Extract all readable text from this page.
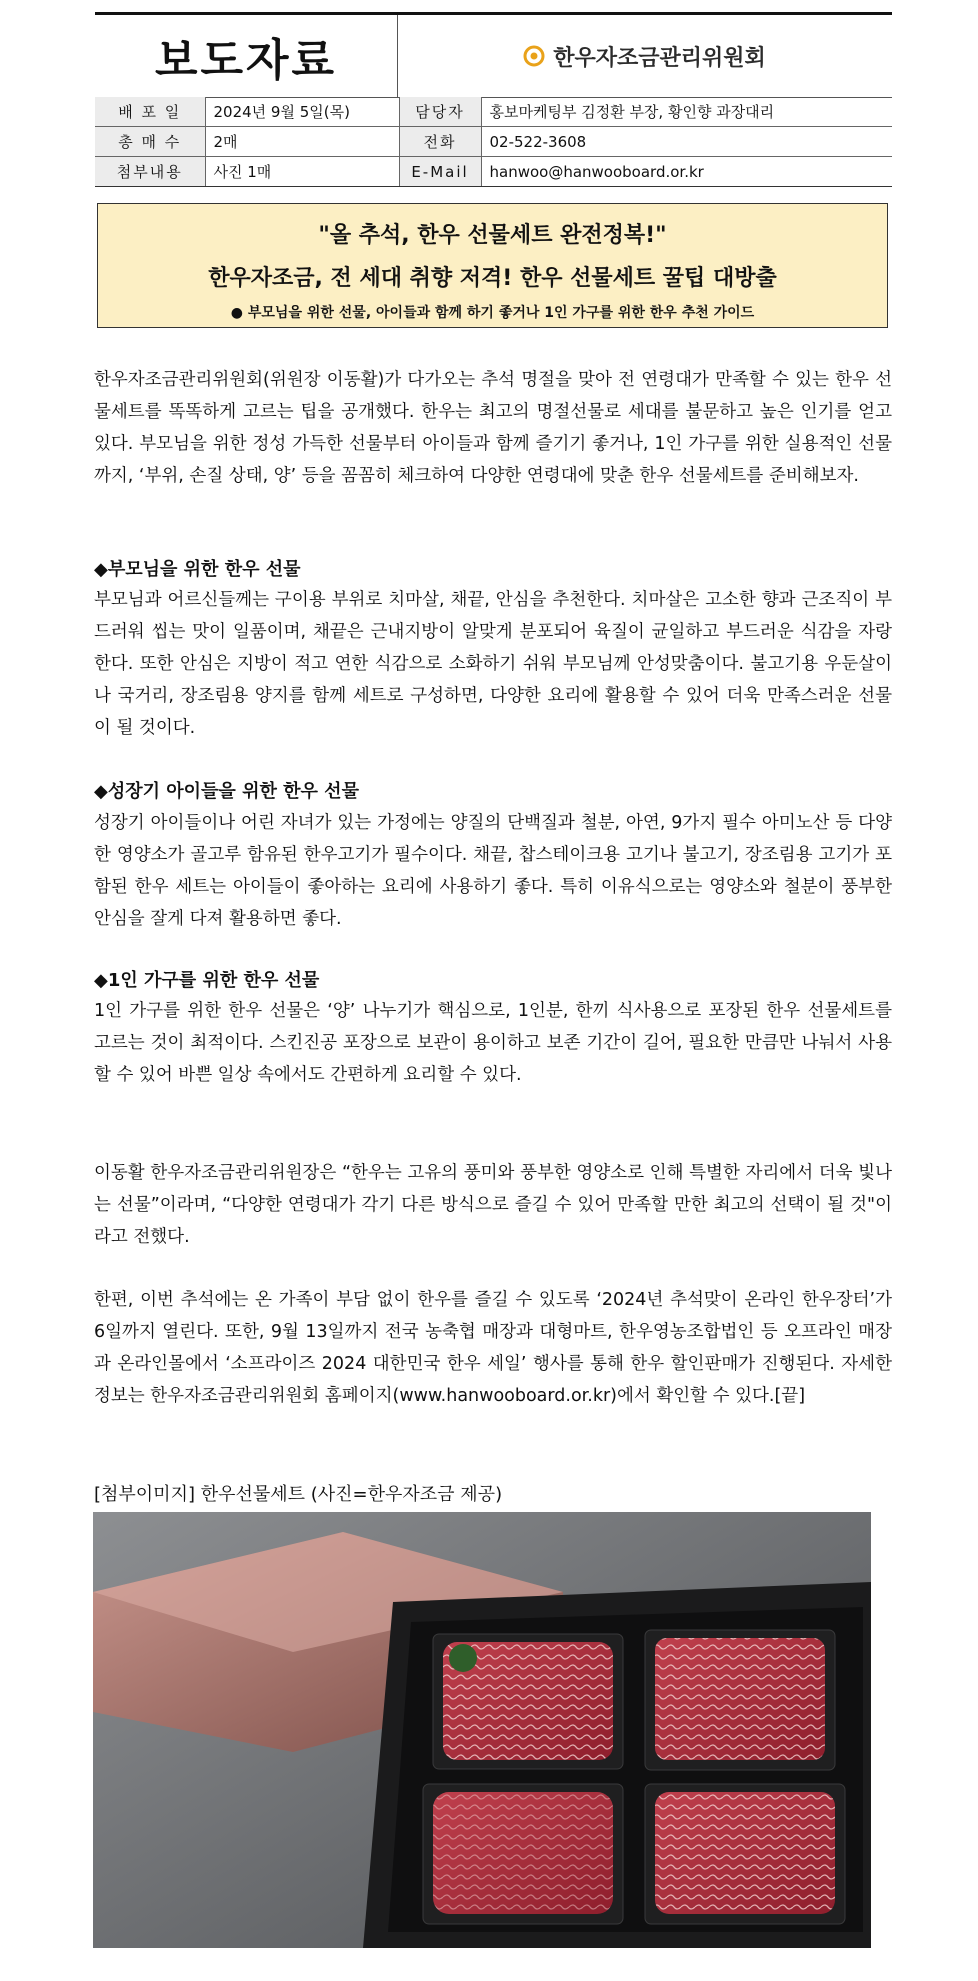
보도자료	한우자조금관리위원회
배 포 일	2024년 9월 5일(목)	담당자	홍보마케팅부 김정환 부장, 황인향 과장대리
총 매 수	2매	전화	02-522-3608
첨부내용	사진 1매	E-Mail	hanwoo@hanwooboard.or.kr
"올 추석, 한우 선물세트 완전정복!"
한우자조금, 전 세대 취향 저격! 한우 선물세트 꿀팁 대방출
● 부모님을 위한 선물, 아이들과 함께 하기 좋거나 1인 가구를 위한 한우 추천 가이드
한우자조금관리위원회(위원장 이동활)가 다가오는 추석 명절을 맞아 전 연령대가 만족할 수 있는 한우 선물세트를 똑똑하게 고르는 팁을 공개했다. 한우는 최고의 명절선물로 세대를 불문하고 높은 인기를 얻고 있다. 부모님을 위한 정성 가득한 선물부터 아이들과 함께 즐기기 좋거나, 1인 가구를 위한 실용적인 선물까지, ‘부위, 손질 상태, 양’ 등을 꼼꼼히 체크하여 다양한 연령대에 맞춘 한우 선물세트를 준비해보자.
◆부모님을 위한 한우 선물
부모님과 어르신들께는 구이용 부위로 치마살, 채끝, 안심을 추천한다. 치마살은 고소한 향과 근조직이 부드러워 씹는 맛이 일품이며, 채끝은 근내지방이 알맞게 분포되어 육질이 균일하고 부드러운 식감을 자랑한다. 또한 안심은 지방이 적고 연한 식감으로 소화하기 쉬워 부모님께 안성맞춤이다. 불고기용 우둔살이나 국거리, 장조림용 양지를 함께 세트로 구성하면, 다양한 요리에 활용할 수 있어 더욱 만족스러운 선물이 될 것이다.
◆성장기 아이들을 위한 한우 선물
성장기 아이들이나 어린 자녀가 있는 가정에는 양질의 단백질과 철분, 아연, 9가지 필수 아미노산 등 다양한 영양소가 골고루 함유된 한우고기가 필수이다. 채끝, 찹스테이크용 고기나 불고기, 장조림용 고기가 포함된 한우 세트는 아이들이 좋아하는 요리에 사용하기 좋다. 특히 이유식으로는 영양소와 철분이 풍부한 안심을 잘게 다져 활용하면 좋다.
◆1인 가구를 위한 한우 선물
1인 가구를 위한 한우 선물은 ‘양’ 나누기가 핵심으로, 1인분, 한끼 식사용으로 포장된 한우 선물세트를 고르는 것이 최적이다. 스킨진공 포장으로 보관이 용이하고 보존 기간이 길어, 필요한 만큼만 나눠서 사용할 수 있어 바쁜 일상 속에서도 간편하게 요리할 수 있다.
이동활 한우자조금관리위원장은 “한우는 고유의 풍미와 풍부한 영양소로 인해 특별한 자리에서 더욱 빛나는 선물”이라며, “다양한 연령대가 각기 다른 방식으로 즐길 수 있어 만족할 만한 최고의 선택이 될 것"이라고 전했다.
한편, 이번 추석에는 온 가족이 부담 없이 한우를 즐길 수 있도록 ‘2024년 추석맞이 온라인 한우장터’가 6일까지 열린다. 또한, 9월 13일까지 전국 농축협 매장과 대형마트, 한우영농조합법인 등 오프라인 매장과 온라인몰에서 ‘소프라이즈 2024 대한민국 한우 세일’ 행사를 통해 한우 할인판매가 진행된다. 자세한 정보는 한우자조금관리위원회 홈페이지(www.hanwooboard.or.kr)에서 확인할 수 있다.[끝]
[첨부이미지] 한우선물세트 (사진=한우자조금 제공)
